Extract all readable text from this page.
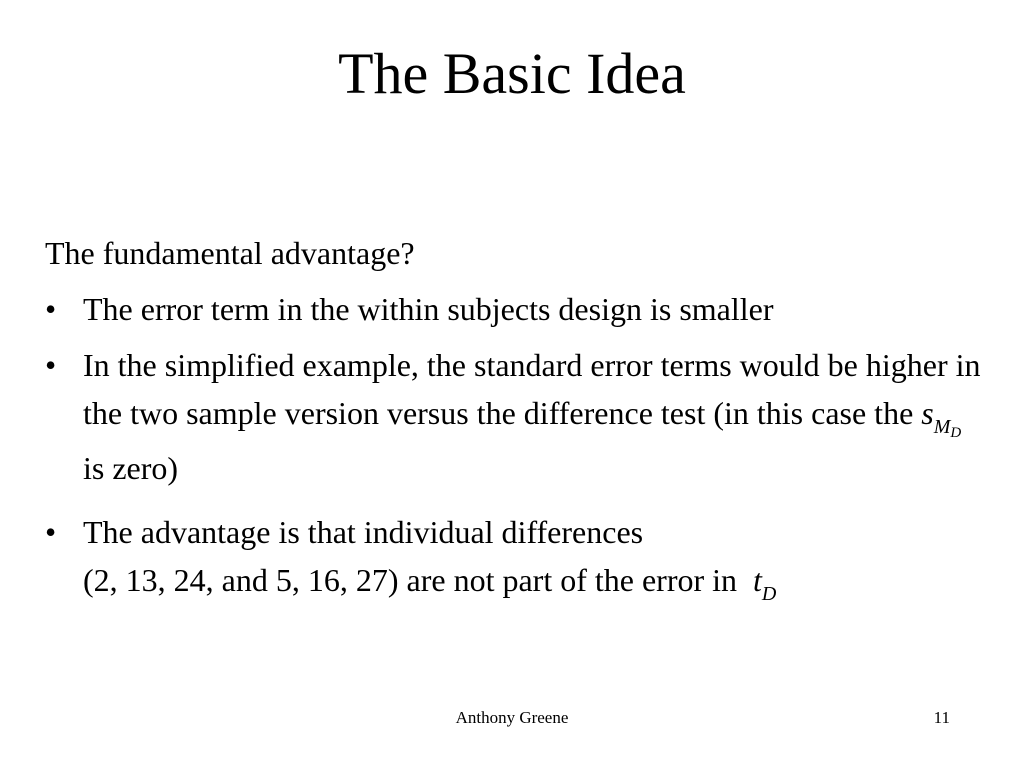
The Basic Idea
The fundamental advantage?
• The error term in the within subjects design is smaller
• In the simplified example, the standard error terms would be higher in the two sample version versus the difference test (in this case the $s_{M_D}$ is zero)
• The advantage is that individual differences
(2, 13, 24, and 5, 16, 27) are not part of the error in $t_D$
Anthony Greene	11
